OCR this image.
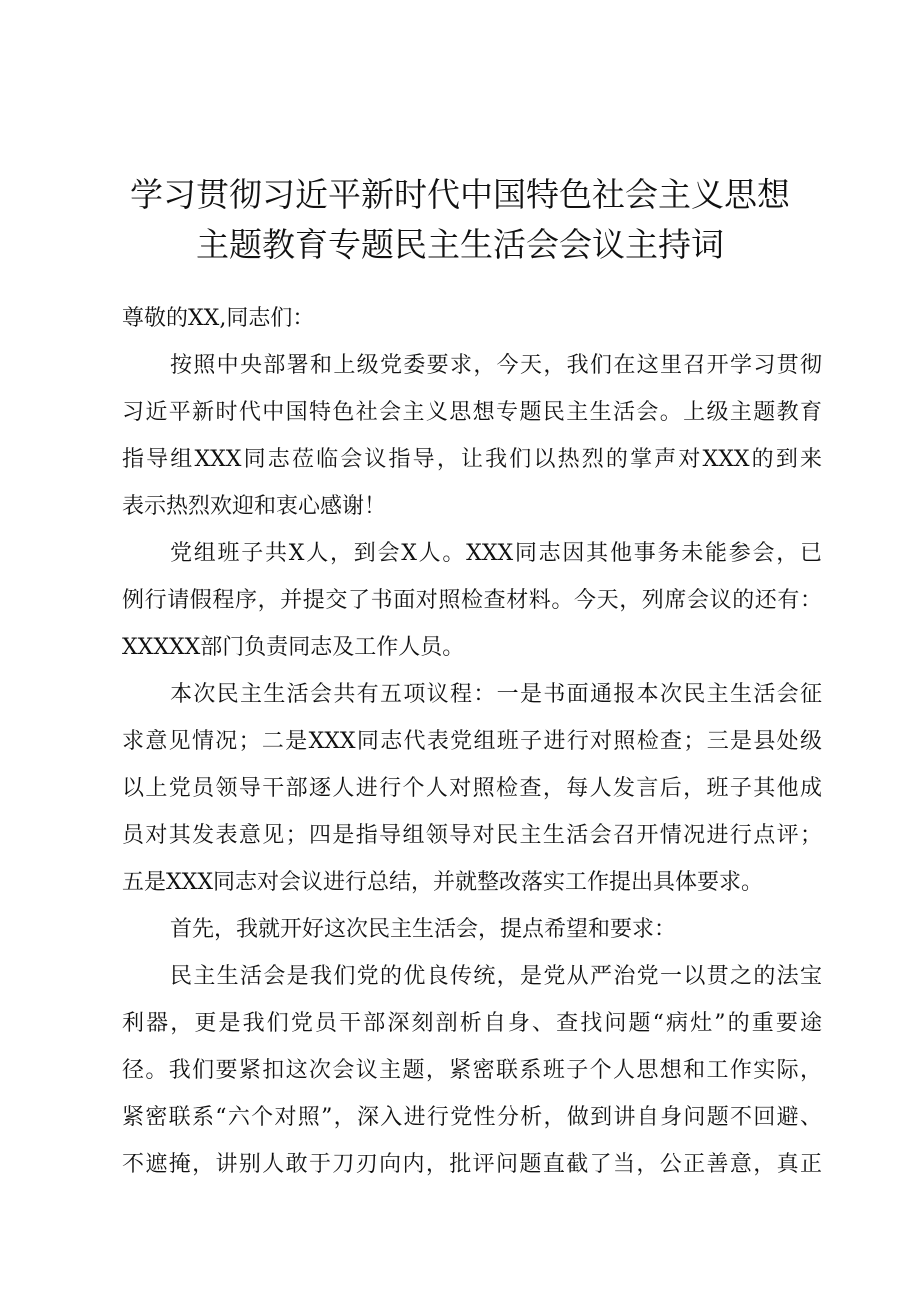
学习贯彻习近平新时代中国特色社会主义思想
主题教育专题民主生活会会议主持词
尊敬的XX,同志们：
按照中央部署和上级党委要求，今天，我们在这里召开学习贯彻
习近平新时代中国特色社会主义思想专题民主生活会。上级主题教育
指导组XXX同志莅临会议指导，让我们以热烈的掌声对XXX的到来
表示热烈欢迎和衷心感谢！
党组班子共X人，到会X人。XXX同志因其他事务未能参会，已
例行请假程序，并提交了书面对照检查材料。今天，列席会议的还有：
XXXXX部门负责同志及工作人员。
本次民主生活会共有五项议程：一是书面通报本次民主生活会征
求意见情况；二是XXX同志代表党组班子进行对照检查；三是县处级
以上党员领导干部逐人进行个人对照检查，每人发言后，班子其他成
员对其发表意见；四是指导组领导对民主生活会召开情况进行点评；
五是XXX同志对会议进行总结，并就整改落实工作提出具体要求。
首先，我就开好这次民主生活会，提点希望和要求：
民主生活会是我们党的优良传统，是党从严治党一以贯之的法宝
利器，更是我们党员干部深刻剖析自身、查找问题“病灶”的重要途
径。我们要紧扣这次会议主题，紧密联系班子个人思想和工作实际，
紧密联系“六个对照”，深入进行党性分析，做到讲自身问题不回避、
不遮掩，讲别人敢于刀刃向内，批评问题直截了当，公正善意，真正
